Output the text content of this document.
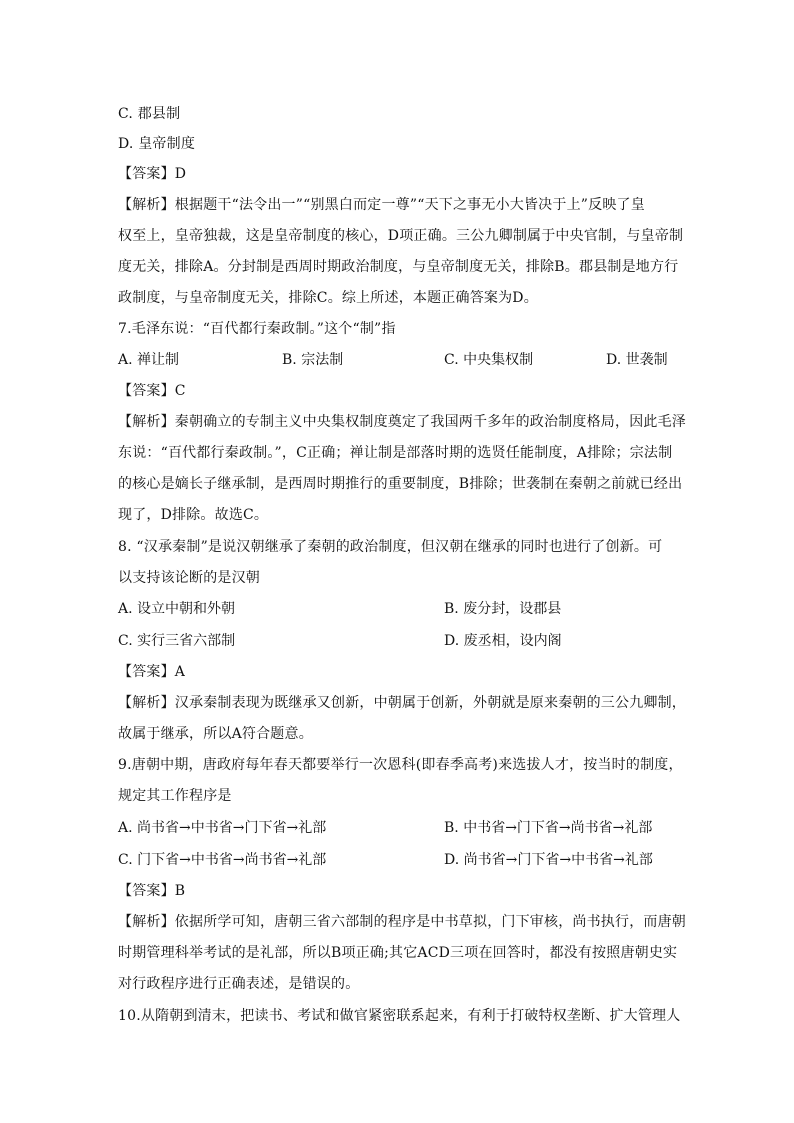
C. 郡县制
D. 皇帝制度
【答案】D
【解析】根据题干“法令出一”“别黑白而定一尊”“天下之事无小大皆决于上”反映了皇
权至上，皇帝独裁，这是皇帝制度的核心，D项正确。三公九卿制属于中央官制，与皇帝制
度无关，排除A。分封制是西周时期政治制度，与皇帝制度无关，排除B。郡县制是地方行
政制度，与皇帝制度无关，排除C。综上所述，本题正确答案为D。
7.毛泽东说：“百代都行秦政制。”这个“制”指
【答案】C
【解析】秦朝确立的专制主义中央集权制度奠定了我国两千多年的政治制度格局，因此毛泽
东说：“百代都行秦政制。”，C正确；禅让制是部落时期的选贤任能制度，A排除；宗法制
的核心是嫡长子继承制，是西周时期推行的重要制度，B排除；世袭制在秦朝之前就已经出
现了，D排除。故选C。
8. “汉承秦制”是说汉朝继承了秦朝的政治制度，但汉朝在继承的同时也进行了创新。可
以支持该论断的是汉朝
【答案】A
【解析】汉承秦制表现为既继承又创新，中朝属于创新，外朝就是原来秦朝的三公九卿制，
故属于继承，所以A符合题意。
9.唐朝中期，唐政府每年春天都要举行一次恩科(即春季高考)来选拔人才，按当时的制度，
规定其工作程序是
【答案】B
【解析】依据所学可知，唐朝三省六部制的程序是中书草拟，门下审核，尚书执行，而唐朝
时期管理科举考试的是礼部，所以B项正确;其它ACD三项在回答时，都没有按照唐朝史实
对行政程序进行正确表述，是错误的。
10.从隋朝到清末，把读书、考试和做官紧密联系起来，有利于打破特权垄断、扩大管理人
A. 禅让制	B. 宗法制	C. 中央集权制	D. 世袭制
A. 设立中朝和外朝	B. 废分封，设郡县
C. 实行三省六部制	D. 废丞相，设内阁
A. 尚书省→中书省→门下省→礼部	B. 中书省→门下省→尚书省→礼部
C. 门下省→中书省→尚书省→礼部	D. 尚书省→门下省→中书省→礼部
